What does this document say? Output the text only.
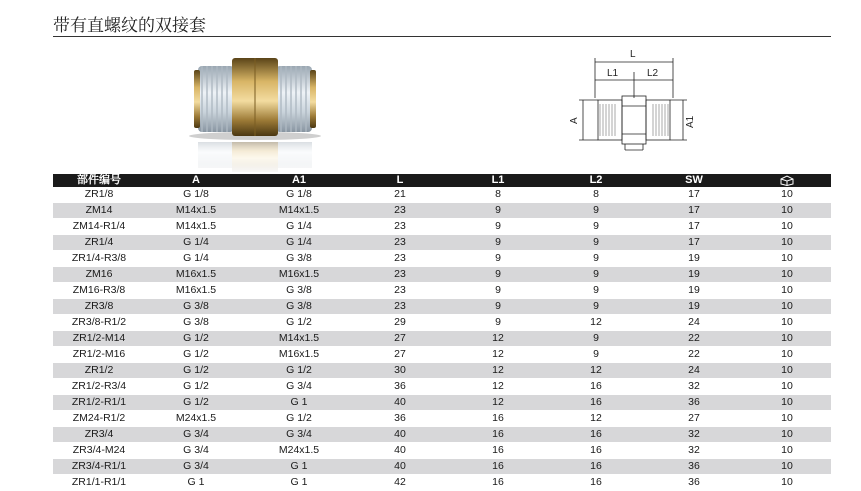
带有直螺纹的双接套
L
L1	L2
A	A1
部件编号	A	A1	L	L1	L2	SW	
ZR1/8	G 1/8	G 1/8	21	8	8	17	10
ZM14	M14x1.5	M14x1.5	23	9	9	17	10
ZM14-R1/4	M14x1.5	G 1/4	23	9	9	17	10
ZR1/4	G 1/4	G 1/4	23	9	9	17	10
ZR1/4-R3/8	G 1/4	G 3/8	23	9	9	19	10
ZM16	M16x1.5	M16x1.5	23	9	9	19	10
ZM16-R3/8	M16x1.5	G 3/8	23	9	9	19	10
ZR3/8	G 3/8	G 3/8	23	9	9	19	10
ZR3/8-R1/2	G 3/8	G 1/2	29	9	12	24	10
ZR1/2-M14	G 1/2	M14x1.5	27	12	9	22	10
ZR1/2-M16	G 1/2	M16x1.5	27	12	9	22	10
ZR1/2	G 1/2	G 1/2	30	12	12	24	10
ZR1/2-R3/4	G 1/2	G 3/4	36	12	16	32	10
ZR1/2-R1/1	G 1/2	G 1	40	12	16	36	10
ZM24-R1/2	M24x1.5	G 1/2	36	16	12	27	10
ZR3/4	G 3/4	G 3/4	40	16	16	32	10
ZR3/4-M24	G 3/4	M24x1.5	40	16	16	32	10
ZR3/4-R1/1	G 3/4	G 1	40	16	16	36	10
ZR1/1-R1/1	G 1	G 1	42	16	16	36	10
